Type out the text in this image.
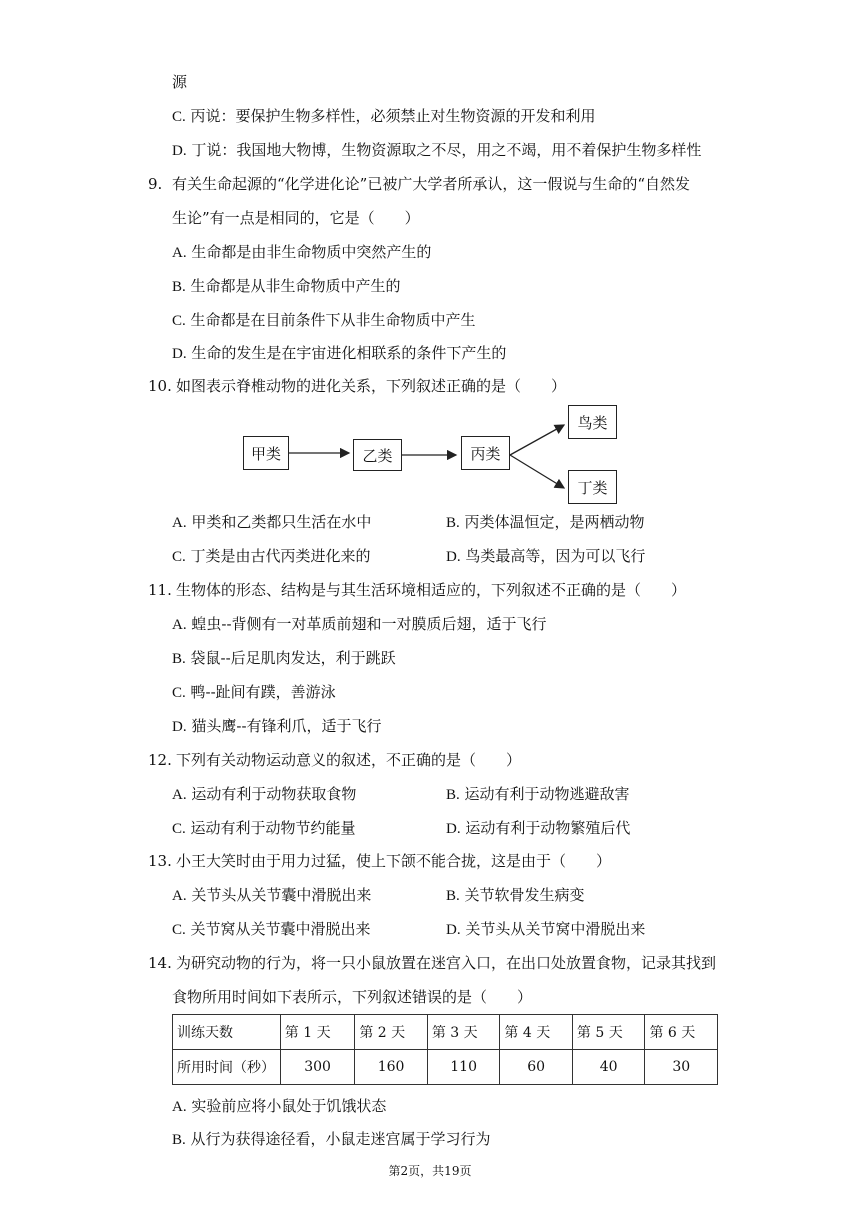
源
C. 丙说：要保护生物多样性，必须禁止对生物资源的开发和利用
D. 丁说：我国地大物博，生物资源取之不尽，用之不竭，用不着保护生物多样性
9. 有关生命起源的“化学进化论”已被广大学者所承认，这一假说与生命的“自然发
生论”有一点是相同的，它是（　　）
A. 生命都是由非生命物质中突然产生的
B. 生命都是从非生命物质中产生的
C. 生命都是在目前条件下从非生命物质中产生
D. 生命的发生是在宇宙进化相联系的条件下产生的
10. 如图表示脊椎动物的进化关系，下列叙述正确的是（　　）
甲类	乙类	丙类
鸟类
丁类
A. 甲类和乙类都只生活在水中	B. 丙类体温恒定，是两栖动物
C. 丁类是由古代丙类进化来的	D. 鸟类最高等，因为可以飞行
11. 生物体的形态、结构是与其生活环境相适应的，下列叙述不正确的是（　　）
A. 蝗虫--背侧有一对革质前翅和一对膜质后翅，适于飞行
B. 袋鼠--后足肌肉发达，利于跳跃
C. 鸭--趾间有蹼，善游泳
D. 猫头鹰--有锋利爪，适于飞行
12. 下列有关动物运动意义的叙述，不正确的是（　　）
A. 运动有利于动物获取食物	B. 运动有利于动物逃避敌害
C. 运动有利于动物节约能量	D. 运动有利于动物繁殖后代
13. 小王大笑时由于用力过猛，使上下颌不能合拢，这是由于（　　）
A. 关节头从关节囊中滑脱出来	B. 关节软骨发生病变
C. 关节窝从关节囊中滑脱出来	D. 关节头从关节窝中滑脱出来
14. 为研究动物的行为，将一只小鼠放置在迷宫入口，在出口处放置食物，记录其找到
食物所用时间如下表所示，下列叙述错误的是（　　）
训练天数	第 1 天	第 2 天	第 3 天	第 4 天	第 5 天	第 6 天
所用时间（秒）	300	160	110	60	40	30
A. 实验前应将小鼠处于饥饿状态
B. 从行为获得途径看，小鼠走迷宫属于学习行为
第2页，共19页
